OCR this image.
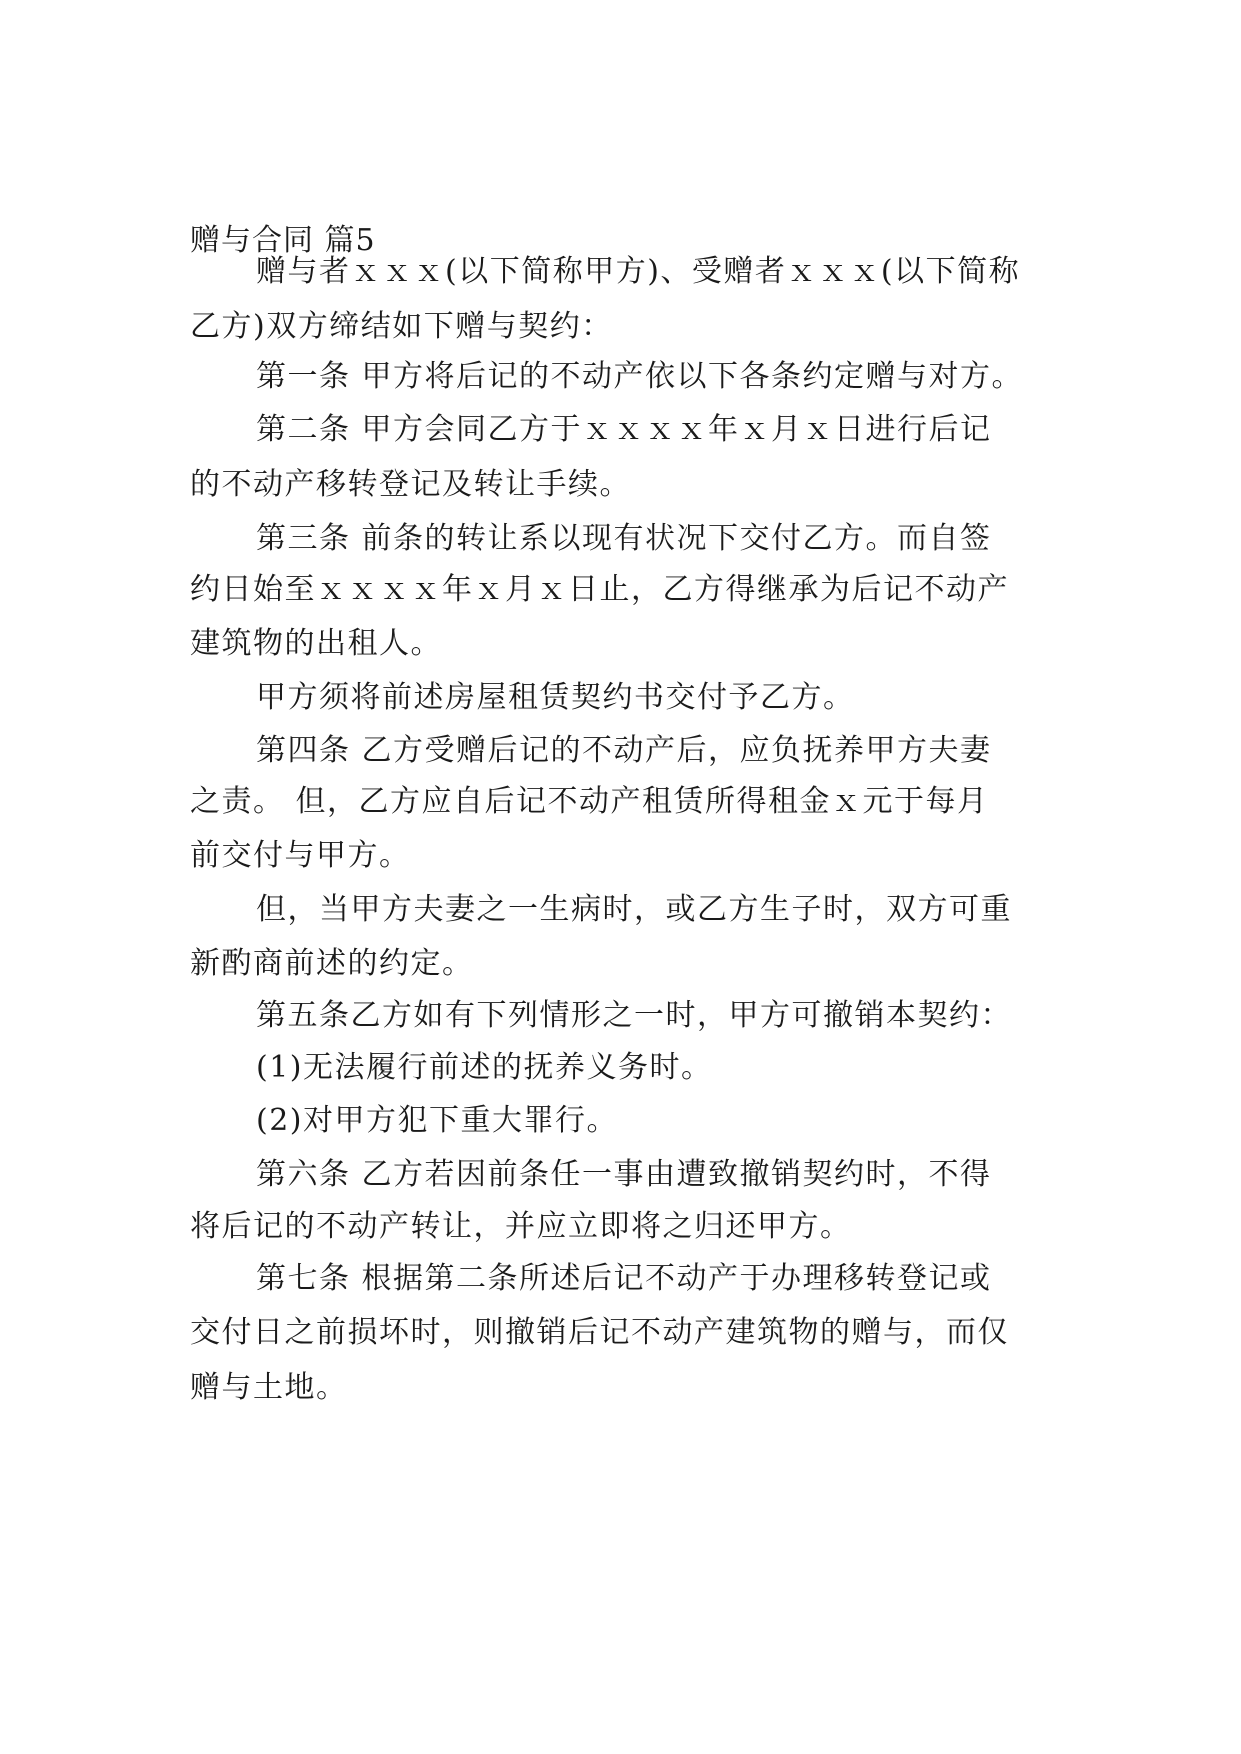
赠与合同 篇5
赠与者ｘｘｘ(以下简称甲方)、受赠者ｘｘｘ(以下简称
乙方)双方缔结如下赠与契约：
第一条 甲方将后记的不动产依以下各条约定赠与对方。
第二条 甲方会同乙方于ｘｘｘｘ年ｘ月ｘ日进行后记
的不动产移转登记及转让手续。
第三条 前条的转让系以现有状况下交付乙方。而自签
约日始至ｘｘｘｘ年ｘ月ｘ日止，乙方得继承为后记不动产
建筑物的出租人。
甲方须将前述房屋租赁契约书交付予乙方。
第四条 乙方受赠后记的不动产后，应负抚养甲方夫妻
之责。 但，乙方应自后记不动产租赁所得租金ｘ元于每月
前交付与甲方。
但，当甲方夫妻之一生病时，或乙方生子时，双方可重
新酌商前述的约定。
第五条乙方如有下列情形之一时，甲方可撤销本契约：
(1)无法履行前述的抚养义务时。
(2)对甲方犯下重大罪行。
第六条 乙方若因前条任一事由遭致撤销契约时，不得
将后记的不动产转让，并应立即将之归还甲方。
第七条 根据第二条所述后记不动产于办理移转登记或
交付日之前损坏时，则撤销后记不动产建筑物的赠与，而仅
赠与土地。
